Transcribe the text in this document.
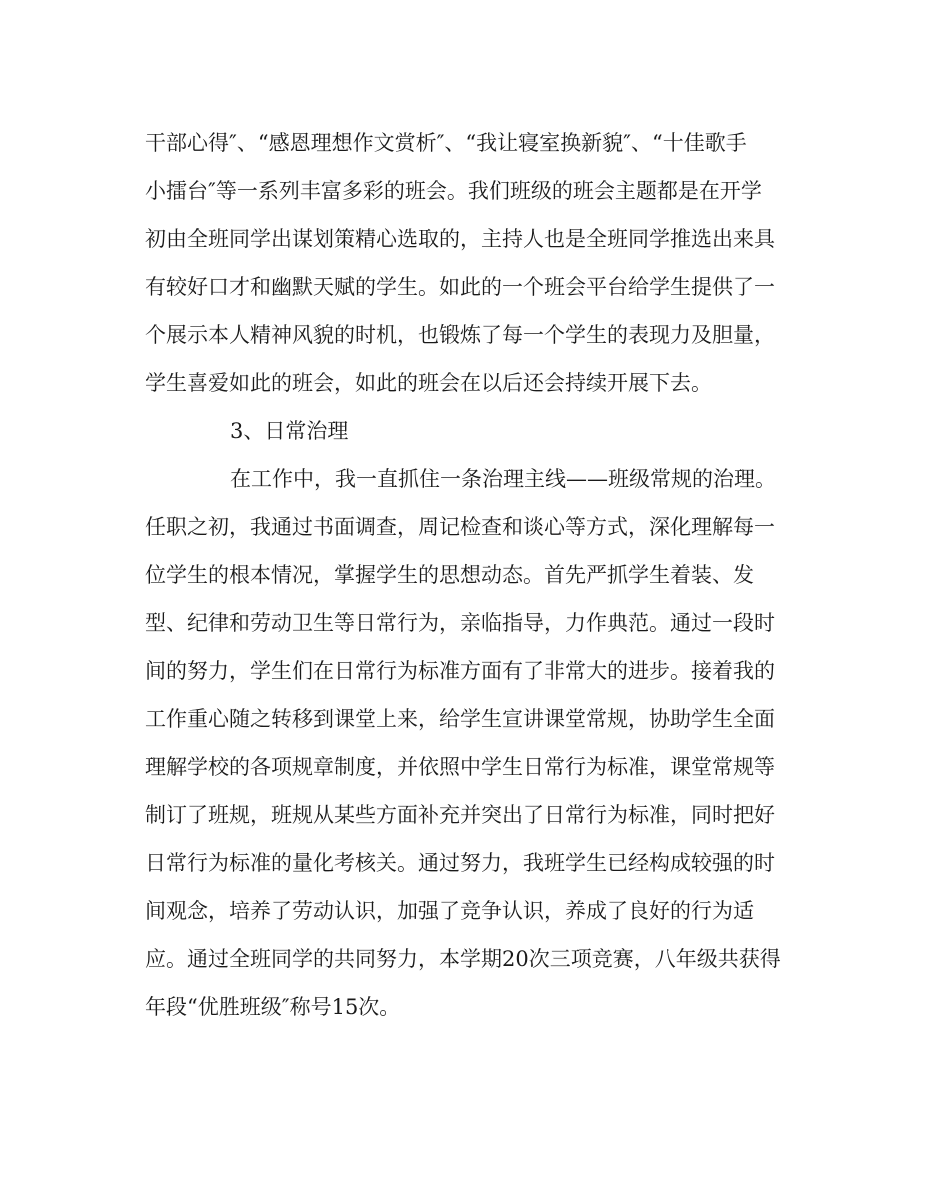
干部心得″、“感恩理想作文赏析″、“我让寝室换新貌″、“十佳歌手
小擂台″等一系列丰富多彩的班会。我们班级的班会主题都是在开学
初由全班同学出谋划策精心选取的，主持人也是全班同学推选出来具
有较好口才和幽默天赋的学生。如此的一个班会平台给学生提供了一
个展示本人精神风貌的时机，也锻炼了每一个学生的表现力及胆量，
学生喜爱如此的班会，如此的班会在以后还会持续开展下去。
3、日常治理
在工作中，我一直抓住一条治理主线——班级常规的治理。
任职之初，我通过书面调查，周记检查和谈心等方式，深化理解每一
位学生的根本情况，掌握学生的思想动态。首先严抓学生着装、发
型、纪律和劳动卫生等日常行为，亲临指导，力作典范。通过一段时
间的努力，学生们在日常行为标准方面有了非常大的进步。接着我的
工作重心随之转移到课堂上来，给学生宣讲课堂常规，协助学生全面
理解学校的各项规章制度，并依照中学生日常行为标准，课堂常规等
制订了班规，班规从某些方面补充并突出了日常行为标准，同时把好
日常行为标准的量化考核关。通过努力，我班学生已经构成较强的时
间观念，培养了劳动认识，加强了竞争认识，养成了良好的行为适
应。通过全班同学的共同努力，本学期20次三项竞赛，八年级共获得
年段“优胜班级″称号15次。
